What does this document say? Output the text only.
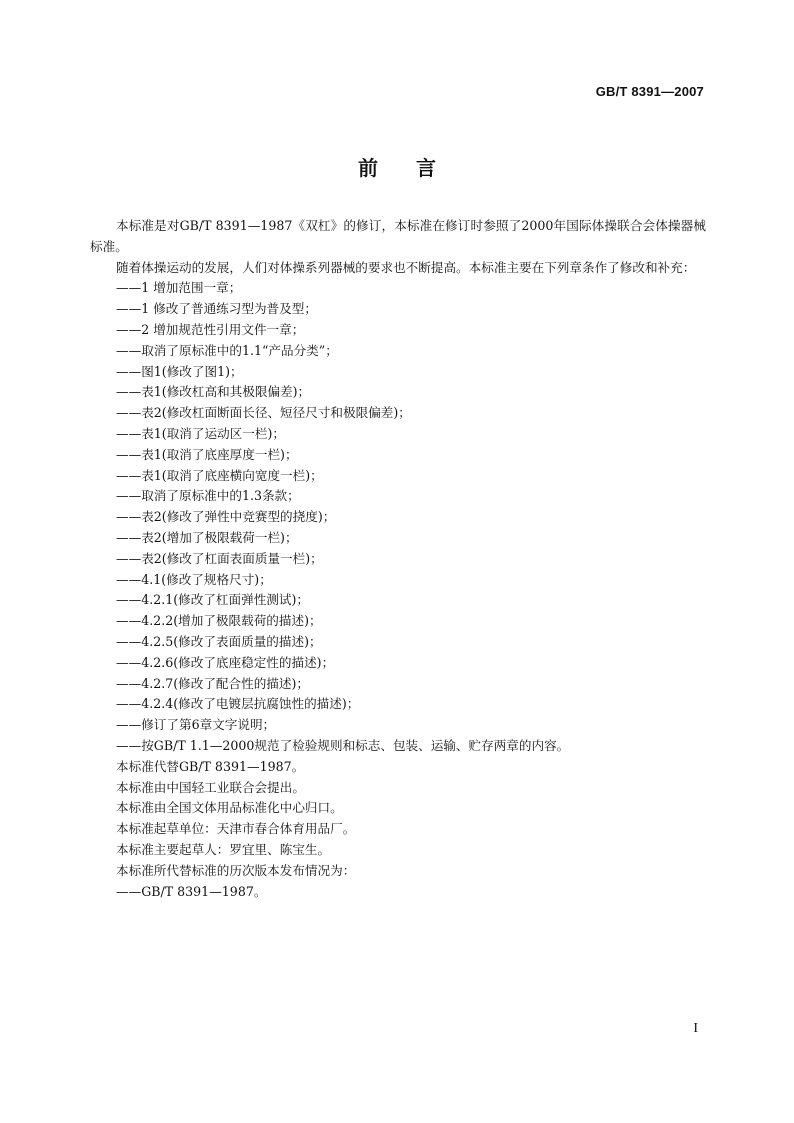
GB/T 8391—2007
前言

本标准是对GB/T 8391—1987《双杠》的修订，本标准在修订时参照了2000年国际体操联合会体操器械标准。

随着体操运动的发展，人们对体操系列器械的要求也不断提高。本标准主要在下列章条作了修改和补充：

——1 增加范围一章；

——1 修改了普通练习型为普及型；

——2 增加规范性引用文件一章；

——取消了原标准中的1.1“产品分类”；

——图1(修改了图1)；

——表1(修改杠高和其极限偏差)；

——表2(修改杠面断面长径、短径尺寸和极限偏差)；

——表1(取消了运动区一栏)；

——表1(取消了底座厚度一栏)；

——表1(取消了底座横向宽度一栏)；

——取消了原标准中的1.3条款；

——表2(修改了弹性中竞赛型的挠度)；

——表2(增加了极限载荷一栏)；

——表2(修改了杠面表面质量一栏)；

——4.1(修改了规格尺寸)；

——4.2.1(修改了杠面弹性测试)；

——4.2.2(增加了极限载荷的描述)；

——4.2.5(修改了表面质量的描述)；

——4.2.6(修改了底座稳定性的描述)；

——4.2.7(修改了配合性的描述)；

——4.2.4(修改了电镀层抗腐蚀性的描述)；

——修订了第6章文字说明；

——按GB/T 1.1—2000规范了检验规则和标志、包装、运输、贮存两章的内容。

本标准代替GB/T 8391—1987。

本标准由中国轻工业联合会提出。

本标准由全国文体用品标准化中心归口。

本标准起草单位：天津市春合体育用品厂。

本标准主要起草人：罗宜里、陈宝生。

本标准所代替标准的历次版本发布情况为：

——GB/T 8391—1987。

I
